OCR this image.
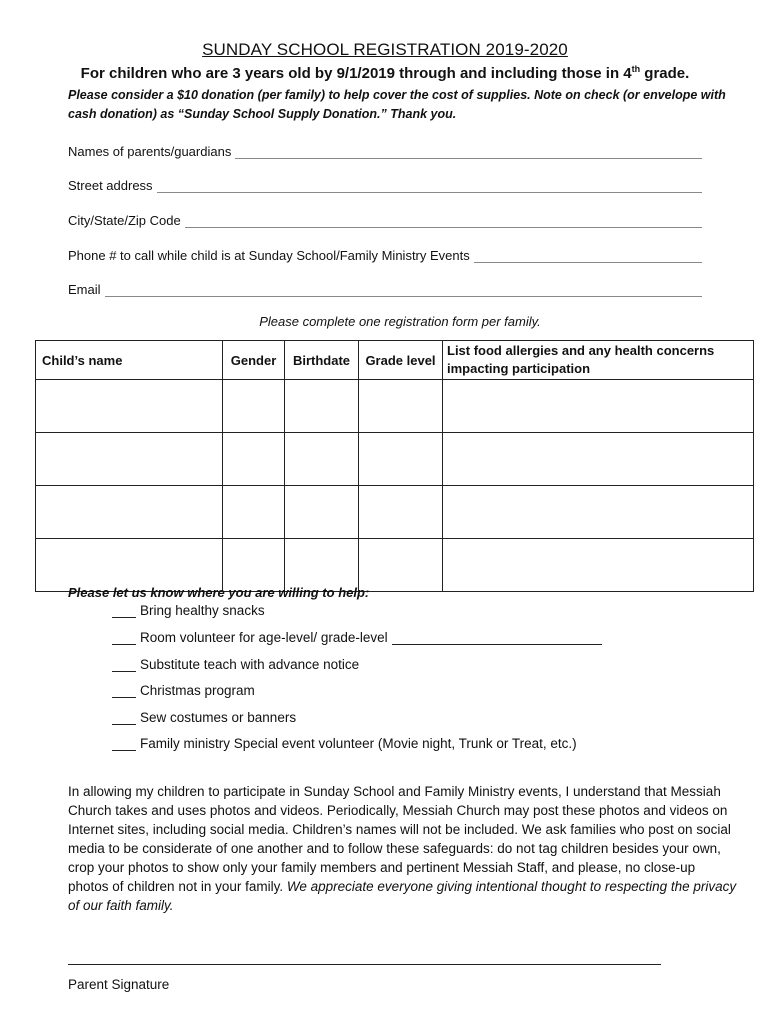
SUNDAY SCHOOL REGISTRATION 2019-2020
For children who are 3 years old by 9/1/2019 through and including those in 4th grade.
Please consider a $10 donation (per family) to help cover the cost of supplies. Note on check (or envelope with cash donation) as “Sunday School Supply Donation.” Thank you.
Names of parents/guardians
Street address
City/State/Zip Code
Phone # to call while child is at Sunday School/Family Ministry Events
Email
Please complete one registration form per family.
Child’s name	Gender	Birthdate	Grade level	List food allergies and any health concerns impacting participation

Please let us know where you are willing to help:
Bring healthy snacks
Room volunteer for age-level/ grade-level
Substitute teach with advance notice
Christmas program
Sew costumes or banners
Family ministry Special event volunteer (Movie night, Trunk or Treat, etc.)
In allowing my children to participate in Sunday School and Family Ministry events, I understand that Messiah Church takes and uses photos and videos. Periodically, Messiah Church may post these photos and videos on Internet sites, including social media. Children’s names will not be included. We ask families who post on social media to be considerate of one another and to follow these safeguards: do not tag children besides your own, crop your photos to show only your family members and pertinent Messiah Staff, and please, no close-up photos of children not in your family. We appreciate everyone giving intentional thought to respecting the privacy of our faith family.
Parent Signature
